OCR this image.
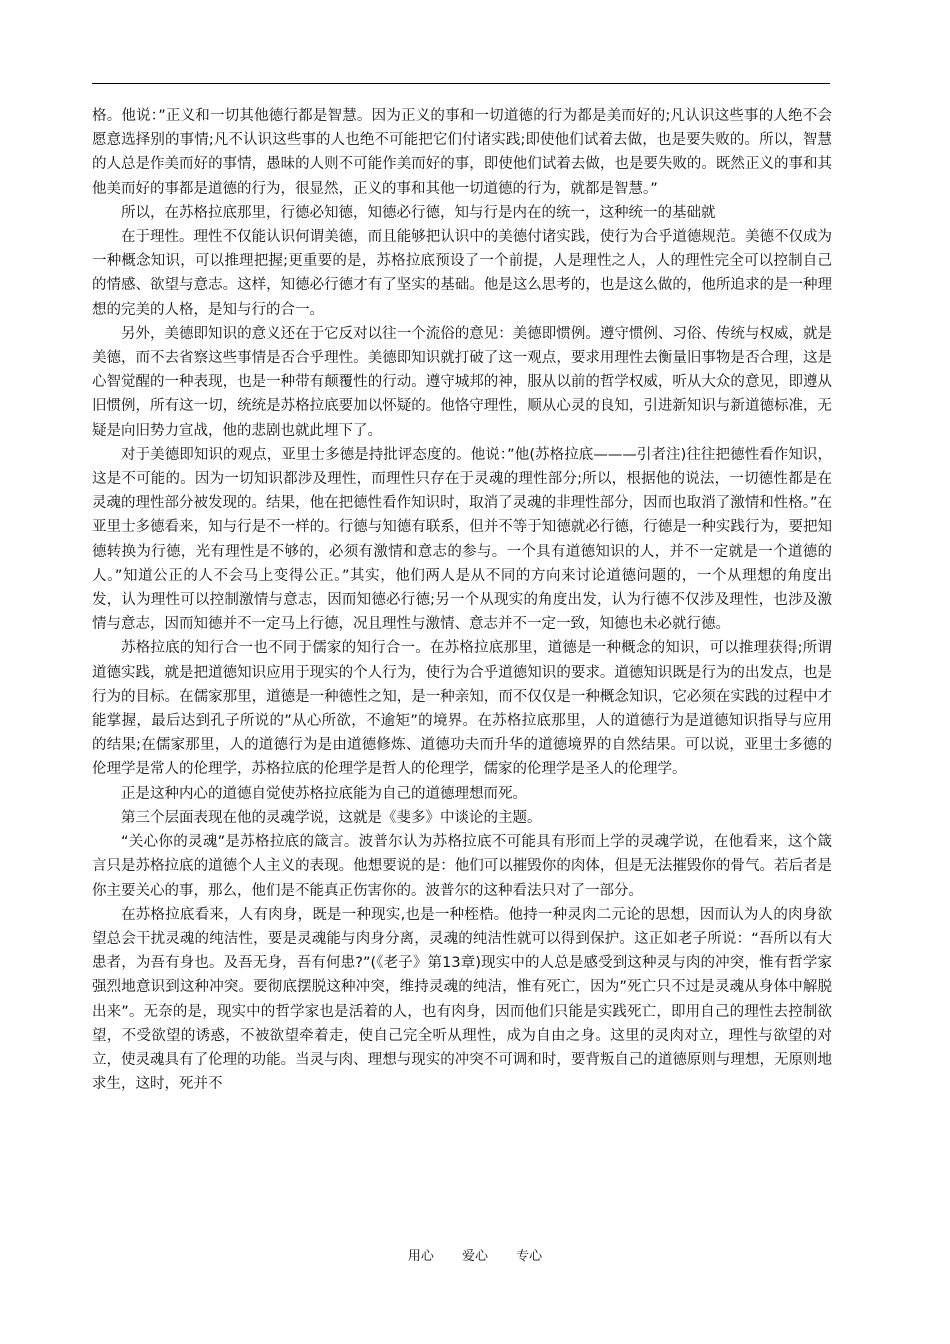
格。他说：”正义和一切其他德行都是智慧。因为正义的事和一切道德的行为都是美而好的;凡认识这些事的人绝不会愿意选择别的事情;凡不认识这些事的人也绝不可能把它们付诸实践;即使他们试着去做，也是要失败的。所以，智慧的人总是作美而好的事情，愚昧的人则不可能作美而好的事，即使他们试着去做，也是要失败的。既然正义的事和其他美而好的事都是道德的行为，很显然，正义的事和其他一切道德的行为，就都是智慧。”

所以，在苏格拉底那里，行德必知德，知德必行德，知与行是内在的统一，这种统一的基础就

在于理性。理性不仅能认识何谓美德，而且能够把认识中的美德付诸实践，使行为合乎道德规范。美德不仅成为一种概念知识，可以推理把握;更重要的是，苏格拉底预设了一个前提，人是理性之人，人的理性完全可以控制自己的情感、欲望与意志。这样，知德必行德才有了坚实的基础。他是这么思考的，也是这么做的，他所追求的是一种理想的完美的人格，是知与行的合一。

另外，美德即知识的意义还在于它反对以往一个流俗的意见：美德即惯例。遵守惯例、习俗、传统与权威，就是美德，而不去省察这些事情是否合乎理性。美德即知识就打破了这一观点，要求用理性去衡量旧事物是否合理，这是心智觉醒的一种表现，也是一种带有颠覆性的行动。遵守城邦的神，服从以前的哲学权威，听从大众的意见，即遵从旧惯例，所有这一切，统统是苏格拉底要加以怀疑的。他恪守理性，顺从心灵的良知，引进新知识与新道德标准，无疑是向旧势力宣战，他的悲剧也就此埋下了。

对于美德即知识的观点，亚里士多德是持批评态度的。他说：”他(苏格拉底———引者注)往往把德性看作知识，这是不可能的。因为一切知识都涉及理性，而理性只存在于灵魂的理性部分;所以，根据他的说法，一切德性都是在灵魂的理性部分被发现的。结果，他在把德性看作知识时，取消了灵魂的非理性部分，因而也取消了激情和性格。”在亚里士多德看来，知与行是不一样的。行德与知德有联系，但并不等于知德就必行德，行德是一种实践行为，要把知德转换为行德，光有理性是不够的，必须有激情和意志的参与。一个具有道德知识的人，并不一定就是一个道德的人。”知道公正的人不会马上变得公正。”其实，他们两人是从不同的方向来讨论道德问题的，一个从理想的角度出发，认为理性可以控制激情与意志，因而知德必行德;另一个从现实的角度出发，认为行德不仅涉及理性，也涉及激情与意志，因而知德并不一定马上行德，况且理性与激情、意志并不一定一致，知德也未必就行德。

苏格拉底的知行合一也不同于儒家的知行合一。在苏格拉底那里，道德是一种概念的知识，可以推理获得;所谓道德实践，就是把道德知识应用于现实的个人行为，使行为合乎道德知识的要求。道德知识既是行为的出发点，也是行为的目标。在儒家那里，道德是一种德性之知，是一种亲知，而不仅仅是一种概念知识，它必须在实践的过程中才能掌握，最后达到孔子所说的”从心所欲，不逾矩”的境界。在苏格拉底那里，人的道德行为是道德知识指导与应用的结果;在儒家那里，人的道德行为是由道德修炼、道德功夫而升华的道德境界的自然结果。可以说，亚里士多德的伦理学是常人的伦理学，苏格拉底的伦理学是哲人的伦理学，儒家的伦理学是圣人的伦理学。

正是这种内心的道德自觉使苏格拉底能为自己的道德理想而死。

第三个层面表现在他的灵魂学说，这就是《斐多》中谈论的主题。

“关心你的灵魂”是苏格拉底的箴言。波普尔认为苏格拉底不可能具有形而上学的灵魂学说，在他看来，这个箴言只是苏格拉底的道德个人主义的表现。他想要说的是：他们可以摧毁你的肉体，但是无法摧毁你的骨气。若后者是你主要关心的事，那么，他们是不能真正伤害你的。波普尔的这种看法只对了一部分。

在苏格拉底看来，人有肉身，既是一种现实,也是一种桎梏。他持一种灵肉二元论的思想，因而认为人的肉身欲望总会干扰灵魂的纯洁性，要是灵魂能与肉身分离，灵魂的纯洁性就可以得到保护。这正如老子所说：“吾所以有大患者，为吾有身也。及吾无身，吾有何患?”(《老子》第13章)现实中的人总是感受到这种灵与肉的冲突，惟有哲学家强烈地意识到这种冲突。要彻底摆脱这种冲突，维持灵魂的纯洁，惟有死亡，因为”死亡只不过是灵魂从身体中解脱出来”。无奈的是，现实中的哲学家也是活着的人，也有肉身，因而他们只能是实践死亡，即用自己的理性去控制欲望，不受欲望的诱惑，不被欲望牵着走，使自己完全听从理性，成为自由之身。这里的灵肉对立，理性与欲望的对立，使灵魂具有了伦理的功能。当灵与肉、理想与现实的冲突不可调和时，要背叛自己的道德原则与理想，无原则地求生，这时，死并不

用心 爱心 专心
